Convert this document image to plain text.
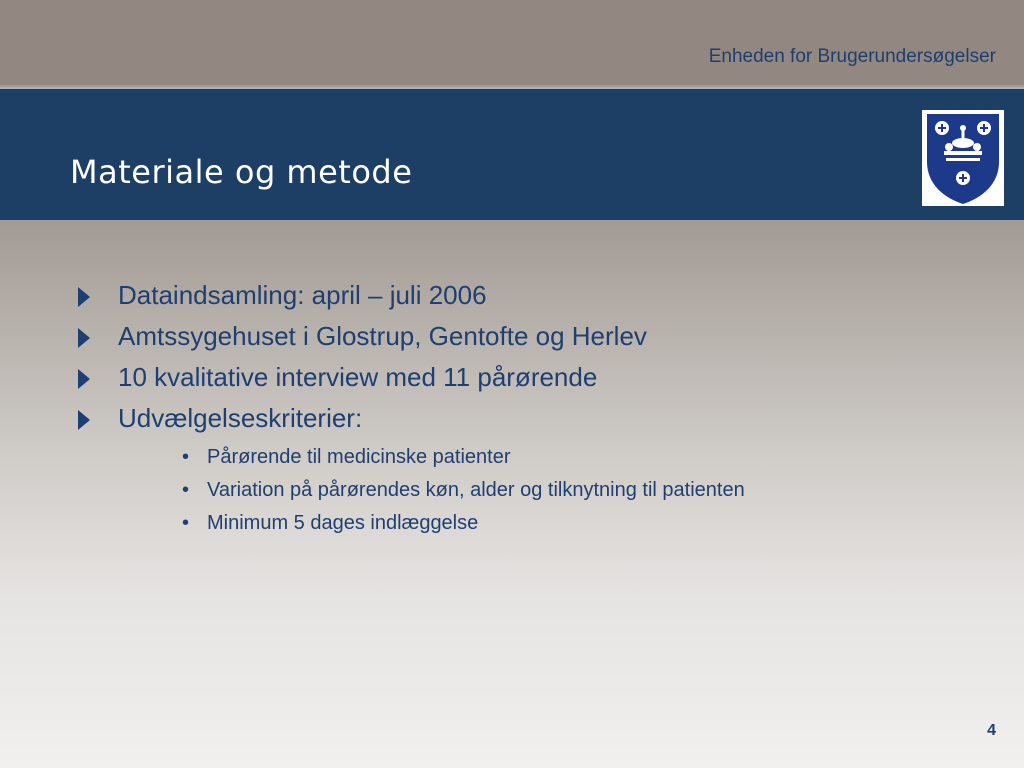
Enheden for Brugerundersøgelser
Materiale og metode
Dataindsamling: april – juli 2006
Amtssygehuset i Glostrup, Gentofte og Herlev
10 kvalitative interview med 11 pårørende
Udvælgelseskriterier:
• Pårørende til medicinske patienter
• Variation på pårørendes køn, alder og tilknytning til patienten
• Minimum 5 dages indlæggelse
4
